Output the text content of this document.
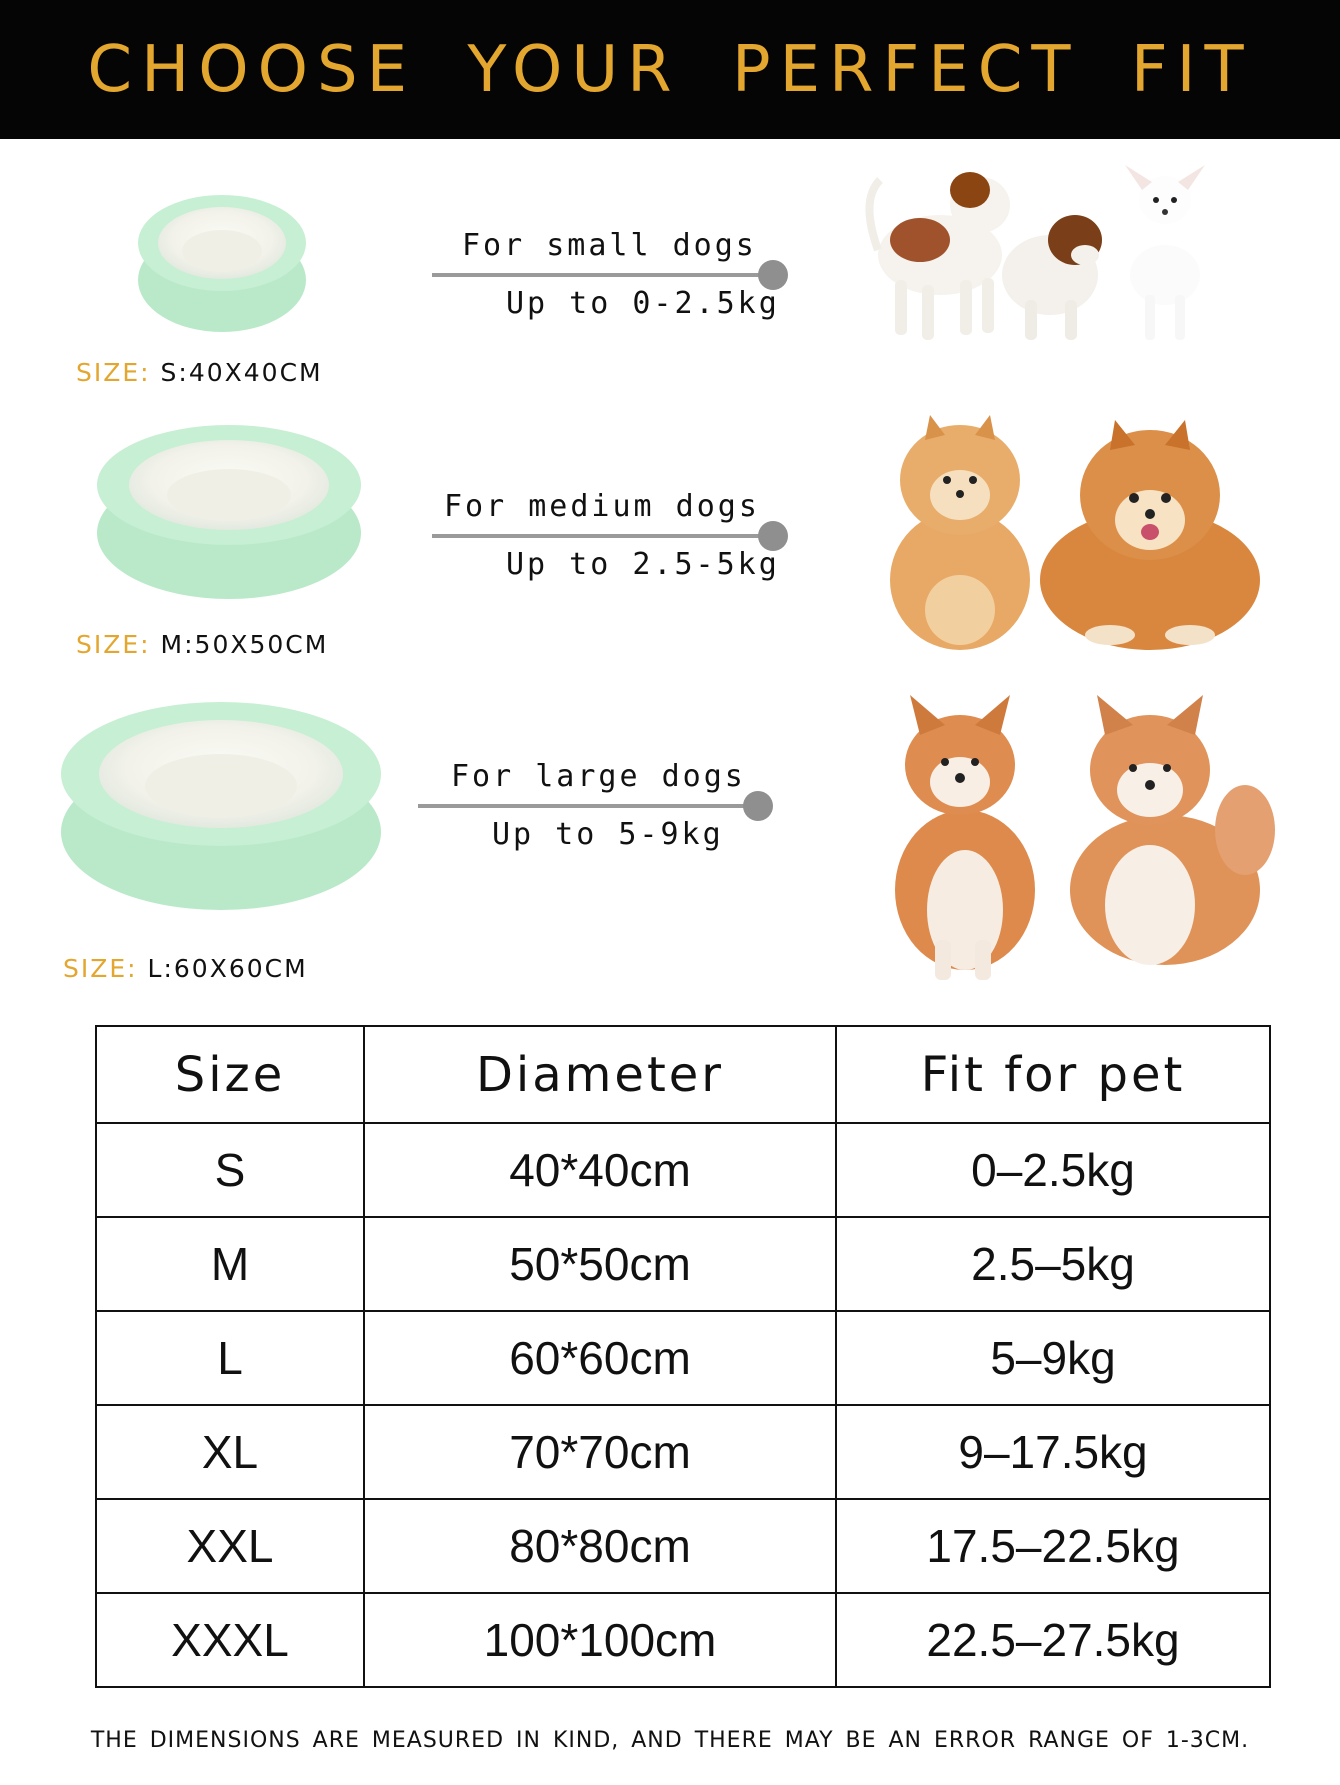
CHOOSE YOUR PERFECT FIT
SIZE: S:40X40CM
For small dogs
Up to 0-2.5kg
SIZE: M:50X50CM
For medium dogs
Up to 2.5-5kg
SIZE: L:60X60CM
For large dogs
Up to 5-9kg
Size	Diameter	Fit for pet
S	40*40cm	0–2.5kg
M	50*50cm	2.5–5kg
L	60*60cm	5–9kg
XL	70*70cm	9–17.5kg
XXL	80*80cm	17.5–22.5kg
XXXL	100*100cm	22.5–27.5kg
THE DIMENSIONS ARE MEASURED IN KIND, AND THERE MAY BE AN ERROR RANGE OF 1-3CM.
